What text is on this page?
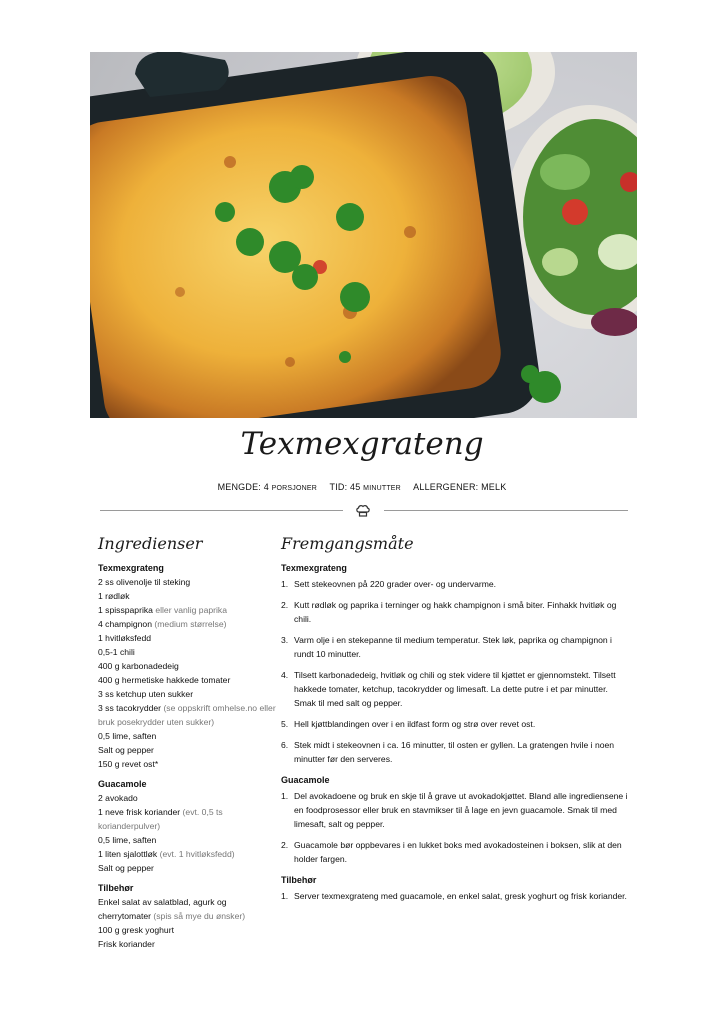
Texmexgrateng
MENGDE: 4 PORSJONER TID: 45 MINUTTER ALLERGENER: MELK
Ingredienser	Fremgangsmåte
Texmexgrateng
2 ss olivenolje til steking
1 rødløk
1 spisspaprika eller vanlig paprika
4 champignon (medium størrelse)
1 hvitløksfedd
0,5-1 chili
400 g karbonadedeig
400 g hermetiske hakkede tomater
3 ss ketchup uten sukker
3 ss tacokrydder (se oppskrift omhelse.no eller bruk posekrydder uten sukker)
0,5 lime, saften
Salt og pepper
150 g revet ost*
Guacamole
2 avokado
1 neve frisk koriander (evt. 0,5 ts korianderpulver)
0,5 lime, saften
1 liten sjalottløk (evt. 1 hvitløksfedd)
Salt og pepper
Tilbehør
Enkel salat av salatblad, agurk og cherrytomater (spis så mye du ønsker)
100 g gresk yoghurt
Frisk koriander
Texmexgrateng
1. Sett stekeovnen på 220 grader over- og undervarme.
2. Kutt rødløk og paprika i terninger og hakk champignon i små biter. Finhakk hvitløk og chili.
3. Varm olje i en stekepanne til medium temperatur. Stek løk, paprika og champignon i rundt 10 minutter.
4. Tilsett karbonadedeig, hvitløk og chili og stek videre til kjøttet er gjennomstekt. Tilsett hakkede tomater, ketchup, tacokrydder og limesaft. La dette putre i et par minutter. Smak til med salt og pepper.
5. Hell kjøttblandingen over i en ildfast form og strø over revet ost.
6. Stek midt i stekeovnen i ca. 16 minutter, til osten er gyllen. La gratengen hvile i noen minutter før den serveres.
Guacamole
1. Del avokadoene og bruk en skje til å grave ut avokadokjøttet. Bland alle ingrediensene i en foodprosessor eller bruk en stavmikser til å lage en jevn guacamole. Smak til med limesaft, salt og pepper.
2. Guacamole bør oppbevares i en lukket boks med avokadosteinen i boksen, slik at den holder fargen.
Tilbehør
1. Server texmexgrateng med guacamole, en enkel salat, gresk yoghurt og frisk koriander.
